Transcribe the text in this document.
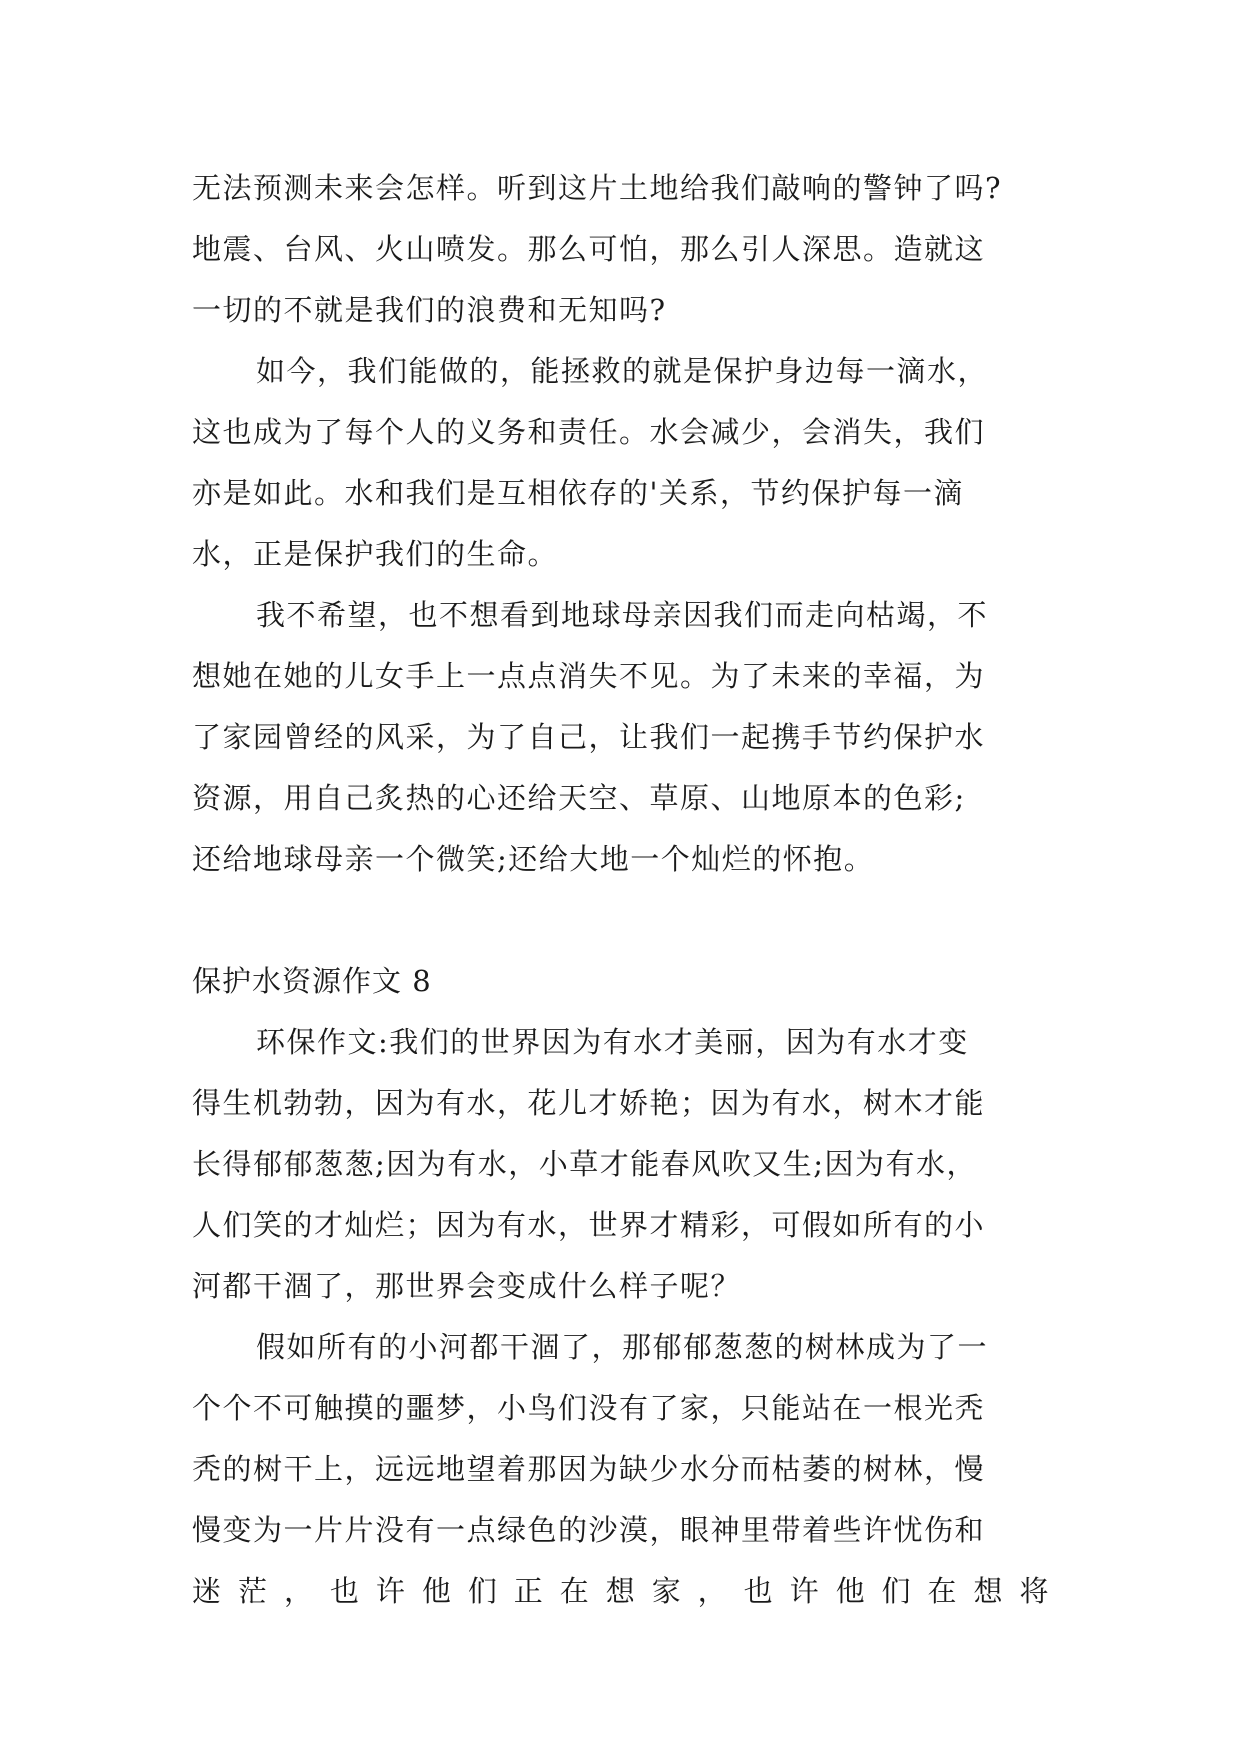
无法预测未来会怎样。听到这片土地给我们敲响的警钟了吗?
地震、台风、火山喷发。那么可怕，那么引人深思。造就这
一切的不就是我们的浪费和无知吗?
如今，我们能做的，能拯救的就是保护身边每一滴水，
这也成为了每个人的义务和责任。水会减少，会消失，我们
亦是如此。水和我们是互相依存的'关系，节约保护每一滴
水，正是保护我们的生命。
我不希望，也不想看到地球母亲因我们而走向枯竭，不
想她在她的儿女手上一点点消失不见。为了未来的幸福，为
了家园曾经的风采，为了自己，让我们一起携手节约保护水
资源，用自己炙热的心还给天空、草原、山地原本的色彩;
还给地球母亲一个微笑;还给大地一个灿烂的怀抱。
保护水资源作文 8
环保作文:我们的世界因为有水才美丽，因为有水才变
得生机勃勃，因为有水，花儿才娇艳；因为有水，树木才能
长得郁郁葱葱;因为有水，小草才能春风吹又生;因为有水，
人们笑的才灿烂；因为有水，世界才精彩，可假如所有的小
河都干涸了，那世界会变成什么样子呢？
假如所有的小河都干涸了，那郁郁葱葱的树林成为了一
个个不可触摸的噩梦，小鸟们没有了家，只能站在一根光秃
秃的树干上，远远地望着那因为缺少水分而枯萎的树林，慢
慢变为一片片没有一点绿色的沙漠，眼神里带着些许忧伤和
迷 茫 ， 也 许 他 们 正 在 想 家 ， 也 许 他 们 在 想 将
